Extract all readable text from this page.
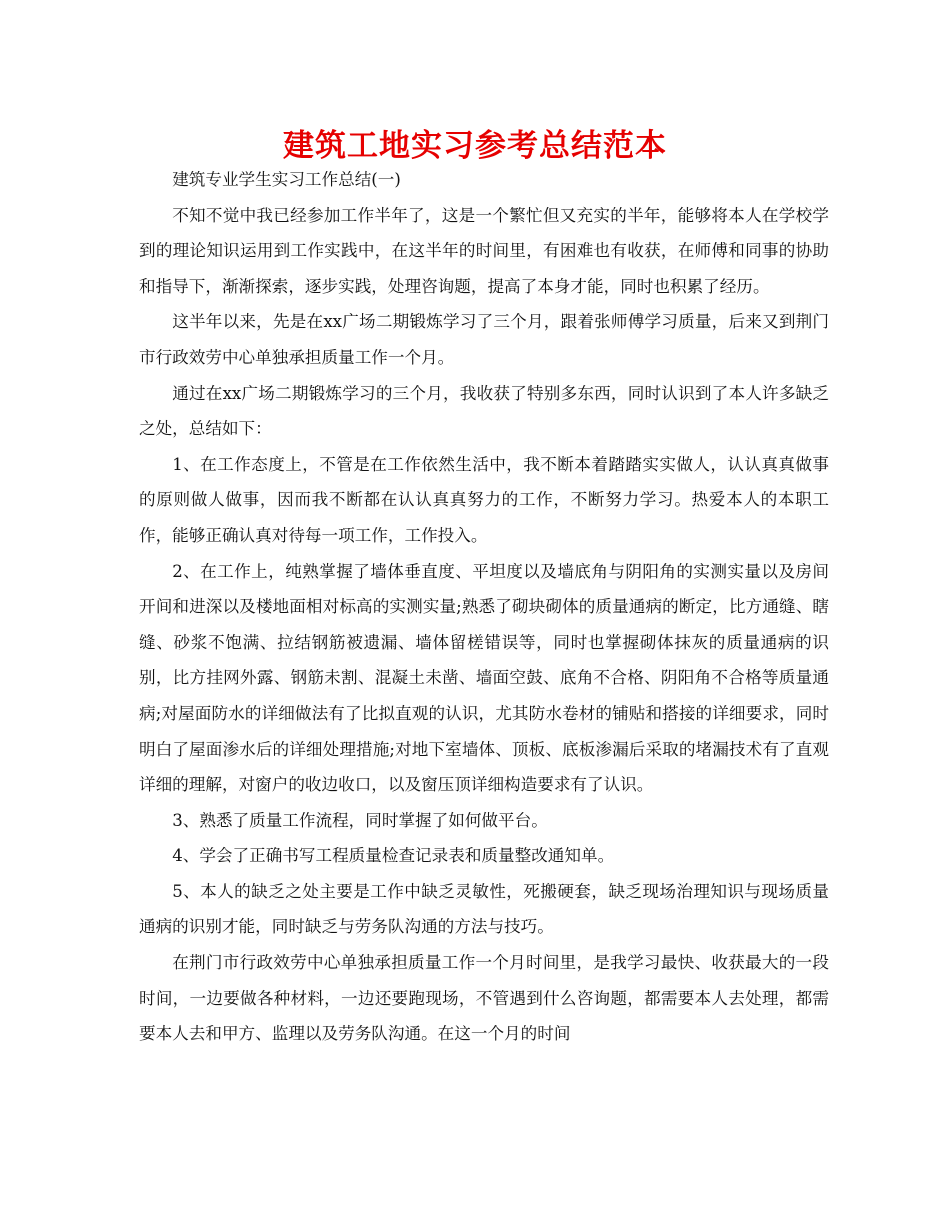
建筑工地实习参考总结范本

建筑专业学生实习工作总结(一)

不知不觉中我已经参加工作半年了，这是一个繁忙但又充实的半年，能够将本人在学校学到的理论知识运用到工作实践中，在这半年的时间里，有困难也有收获，在师傅和同事的协助和指导下，渐渐探索，逐步实践，处理咨询题，提高了本身才能，同时也积累了经历。

这半年以来，先是在xx广场二期锻炼学习了三个月，跟着张师傅学习质量，后来又到荆门市行政效劳中心单独承担质量工作一个月。

通过在xx广场二期锻炼学习的三个月，我收获了特别多东西，同时认识到了本人许多缺乏之处，总结如下：

1、在工作态度上，不管是在工作依然生活中，我不断本着踏踏实实做人，认认真真做事的原则做人做事，因而我不断都在认认真真努力的工作，不断努力学习。热爱本人的本职工作，能够正确认真对待每一项工作，工作投入。

2、在工作上，纯熟掌握了墙体垂直度、平坦度以及墙底角与阴阳角的实测实量以及房间开间和进深以及楼地面相对标高的实测实量;熟悉了砌块砌体的质量通病的断定，比方通缝、瞎缝、砂浆不饱满、拉结钢筋被遗漏、墙体留槎错误等，同时也掌握砌体抹灰的质量通病的识别，比方挂网外露、钢筋未割、混凝土未凿、墙面空鼓、底角不合格、阴阳角不合格等质量通病;对屋面防水的详细做法有了比拟直观的认识，尤其防水卷材的铺贴和搭接的详细要求，同时明白了屋面渗水后的详细处理措施;对地下室墙体、顶板、底板渗漏后采取的堵漏技术有了直观详细的理解，对窗户的收边收口，以及窗压顶详细构造要求有了认识。

3、熟悉了质量工作流程，同时掌握了如何做平台。

4、学会了正确书写工程质量检查记录表和质量整改通知单。

5、本人的缺乏之处主要是工作中缺乏灵敏性，死搬硬套，缺乏现场治理知识与现场质量通病的识别才能，同时缺乏与劳务队沟通的方法与技巧。

在荆门市行政效劳中心单独承担质量工作一个月时间里，是我学习最快、收获最大的一段时间，一边要做各种材料，一边还要跑现场，不管遇到什么咨询题，都需要本人去处理，都需要本人去和甲方、监理以及劳务队沟通。在这一个月的时间
